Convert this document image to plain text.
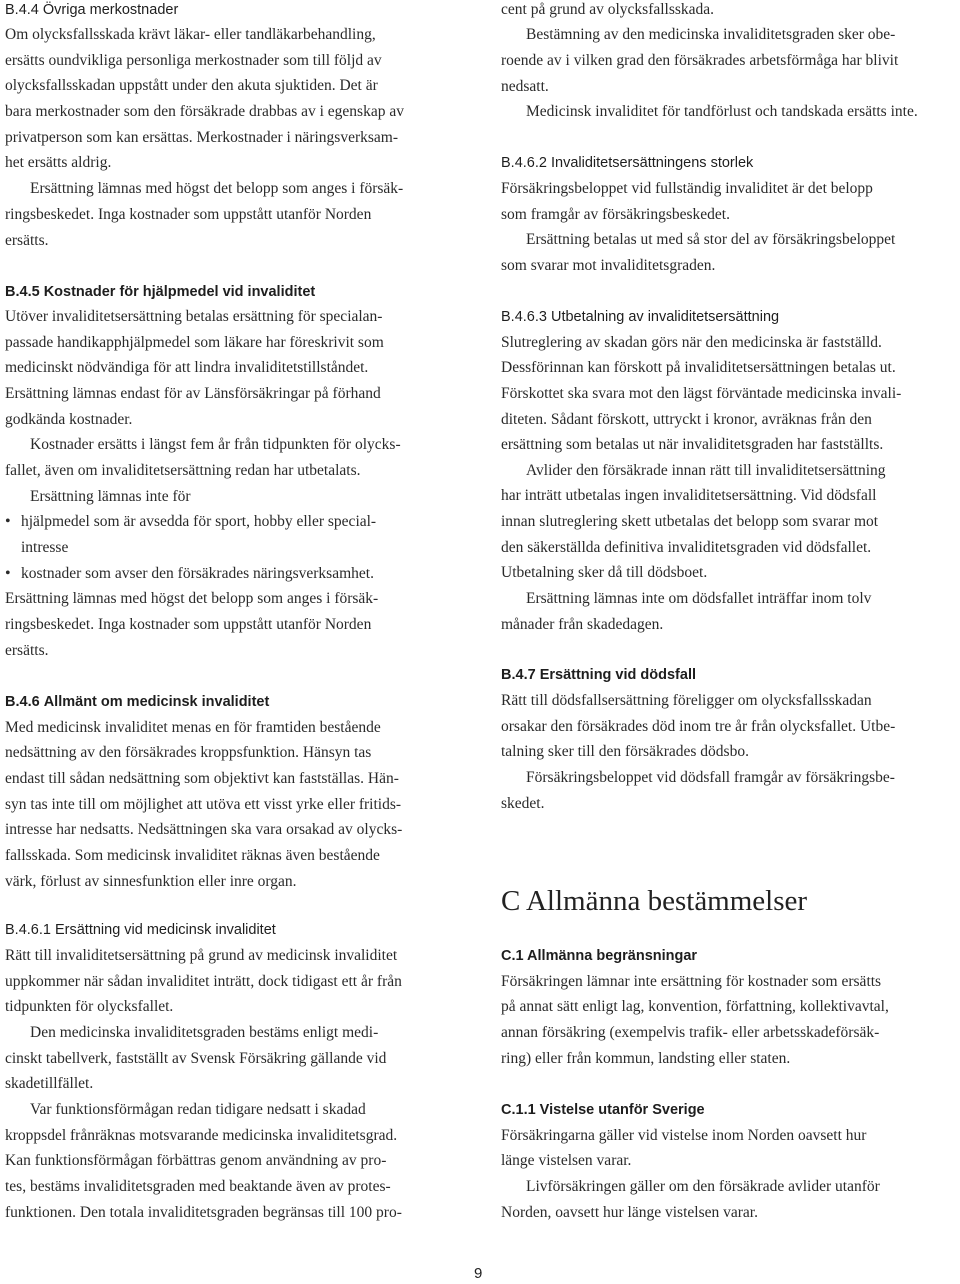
B.4.4 Övriga merkostnader
Om olycksfallsskada krävt läkar- eller tandläkarbehandling,
ersätts oundvikliga personliga merkostnader som till följd av
olycksfallsskadan uppstått under den akuta sjuktiden. Det är
bara merkostnader som den försäkrade drabbas av i egenskap av
privatperson som kan ersättas. Merkostnader i näringsverksam-
het ersätts aldrig.
Ersättning lämnas med högst det belopp som anges i försäk-
ringsbeskedet. Inga kostnader som uppstått utanför Norden
ersätts.
B.4.5 Kostnader för hjälpmedel vid invaliditet
Utöver invaliditetsersättning betalas ersättning för specialan-
passade handikapphjälpmedel som läkare har föreskrivit som
medicinskt nödvändiga för att lindra invaliditetstillståndet.
Ersättning lämnas endast för av Länsförsäkringar på förhand
godkända kostnader.
Kostnader ersätts i längst fem år från tidpunkten för olycks-
fallet, även om invaliditetsersättning redan har utbetalats.
Ersättning lämnas inte för
• hjälpmedel som är avsedda för sport, hobby eller special-
intresse
• kostnader som avser den försäkrades näringsverksamhet.
Ersättning lämnas med högst det belopp som anges i försäk-
ringsbeskedet. Inga kostnader som uppstått utanför Norden
ersätts.
B.4.6 Allmänt om medicinsk invaliditet
Med medicinsk invaliditet menas en för framtiden bestående
nedsättning av den försäkrades kroppsfunktion. Hänsyn tas
endast till sådan nedsättning som objektivt kan fastställas. Hän-
syn tas inte till om möjlighet att utöva ett visst yrke eller fritids-
intresse har nedsatts. Nedsättningen ska vara orsakad av olycks-
fallsskada. Som medicinsk invaliditet räknas även bestående
värk, förlust av sinnesfunktion eller inre organ.
B.4.6.1 Ersättning vid medicinsk invaliditet
Rätt till invaliditetsersättning på grund av medicinsk invaliditet
uppkommer när sådan invaliditet inträtt, dock tidigast ett år från
tidpunkten för olycksfallet.
Den medicinska invaliditetsgraden bestäms enligt medi-
cinskt tabellverk, fastställt av Svensk Försäkring gällande vid
skadetillfället.
Var funktionsförmågan redan tidigare nedsatt i skadad
kroppsdel frånräknas motsvarande medicinska invaliditetsgrad.
Kan funktionsförmågan förbättras genom användning av pro-
tes, bestäms invaliditetsgraden med beaktande även av protes-
funktionen. Den totala invaliditetsgraden begränsas till 100 pro-
cent på grund av olycksfallsskada.
Bestämning av den medicinska invaliditetsgraden sker obe-
roende av i vilken grad den försäkrades arbetsförmåga har blivit
nedsatt.
Medicinsk invaliditet för tandförlust och tandskada ersätts inte.
B.4.6.2 Invaliditetsersättningens storlek
Försäkringsbeloppet vid fullständig invaliditet är det belopp
som framgår av försäkringsbeskedet.
Ersättning betalas ut med så stor del av försäkringsbeloppet
som svarar mot invaliditetsgraden.
B.4.6.3 Utbetalning av invaliditetsersättning
Slutreglering av skadan görs när den medicinska är fastställd.
Dessförinnan kan förskott på invaliditetsersättningen betalas ut.
Förskottet ska svara mot den lägst förväntade medicinska invali-
diteten. Sådant förskott, uttryckt i kronor, avräknas från den
ersättning som betalas ut när invaliditetsgraden har fastställts.
Avlider den försäkrade innan rätt till invaliditetsersättning
har inträtt utbetalas ingen invaliditetsersättning. Vid dödsfall
innan slutreglering skett utbetalas det belopp som svarar mot
den säkerställda definitiva invaliditetsgraden vid dödsfallet.
Utbetalning sker då till dödsboet.
Ersättning lämnas inte om dödsfallet inträffar inom tolv
månader från skadedagen.
B.4.7 Ersättning vid dödsfall
Rätt till dödsfallsersättning föreligger om olycksfallsskadan
orsakar den försäkrades död inom tre år från olycksfallet. Utbe-
talning sker till den försäkrades dödsbo.
Försäkringsbeloppet vid dödsfall framgår av försäkringsbe-
skedet.
C Allmänna bestämmelser
C.1 Allmänna begränsningar
Försäkringen lämnar inte ersättning för kostnader som ersätts
på annat sätt enligt lag, konvention, författning, kollektivavtal,
annan försäkring (exempelvis trafik- eller arbetsskadeförsäk-
ring) eller från kommun, landsting eller staten.
C.1.1 Vistelse utanför Sverige
Försäkringarna gäller vid vistelse inom Norden oavsett hur
länge vistelsen varar.
Livförsäkringen gäller om den försäkrade avlider utanför
Norden, oavsett hur länge vistelsen varar.
9
